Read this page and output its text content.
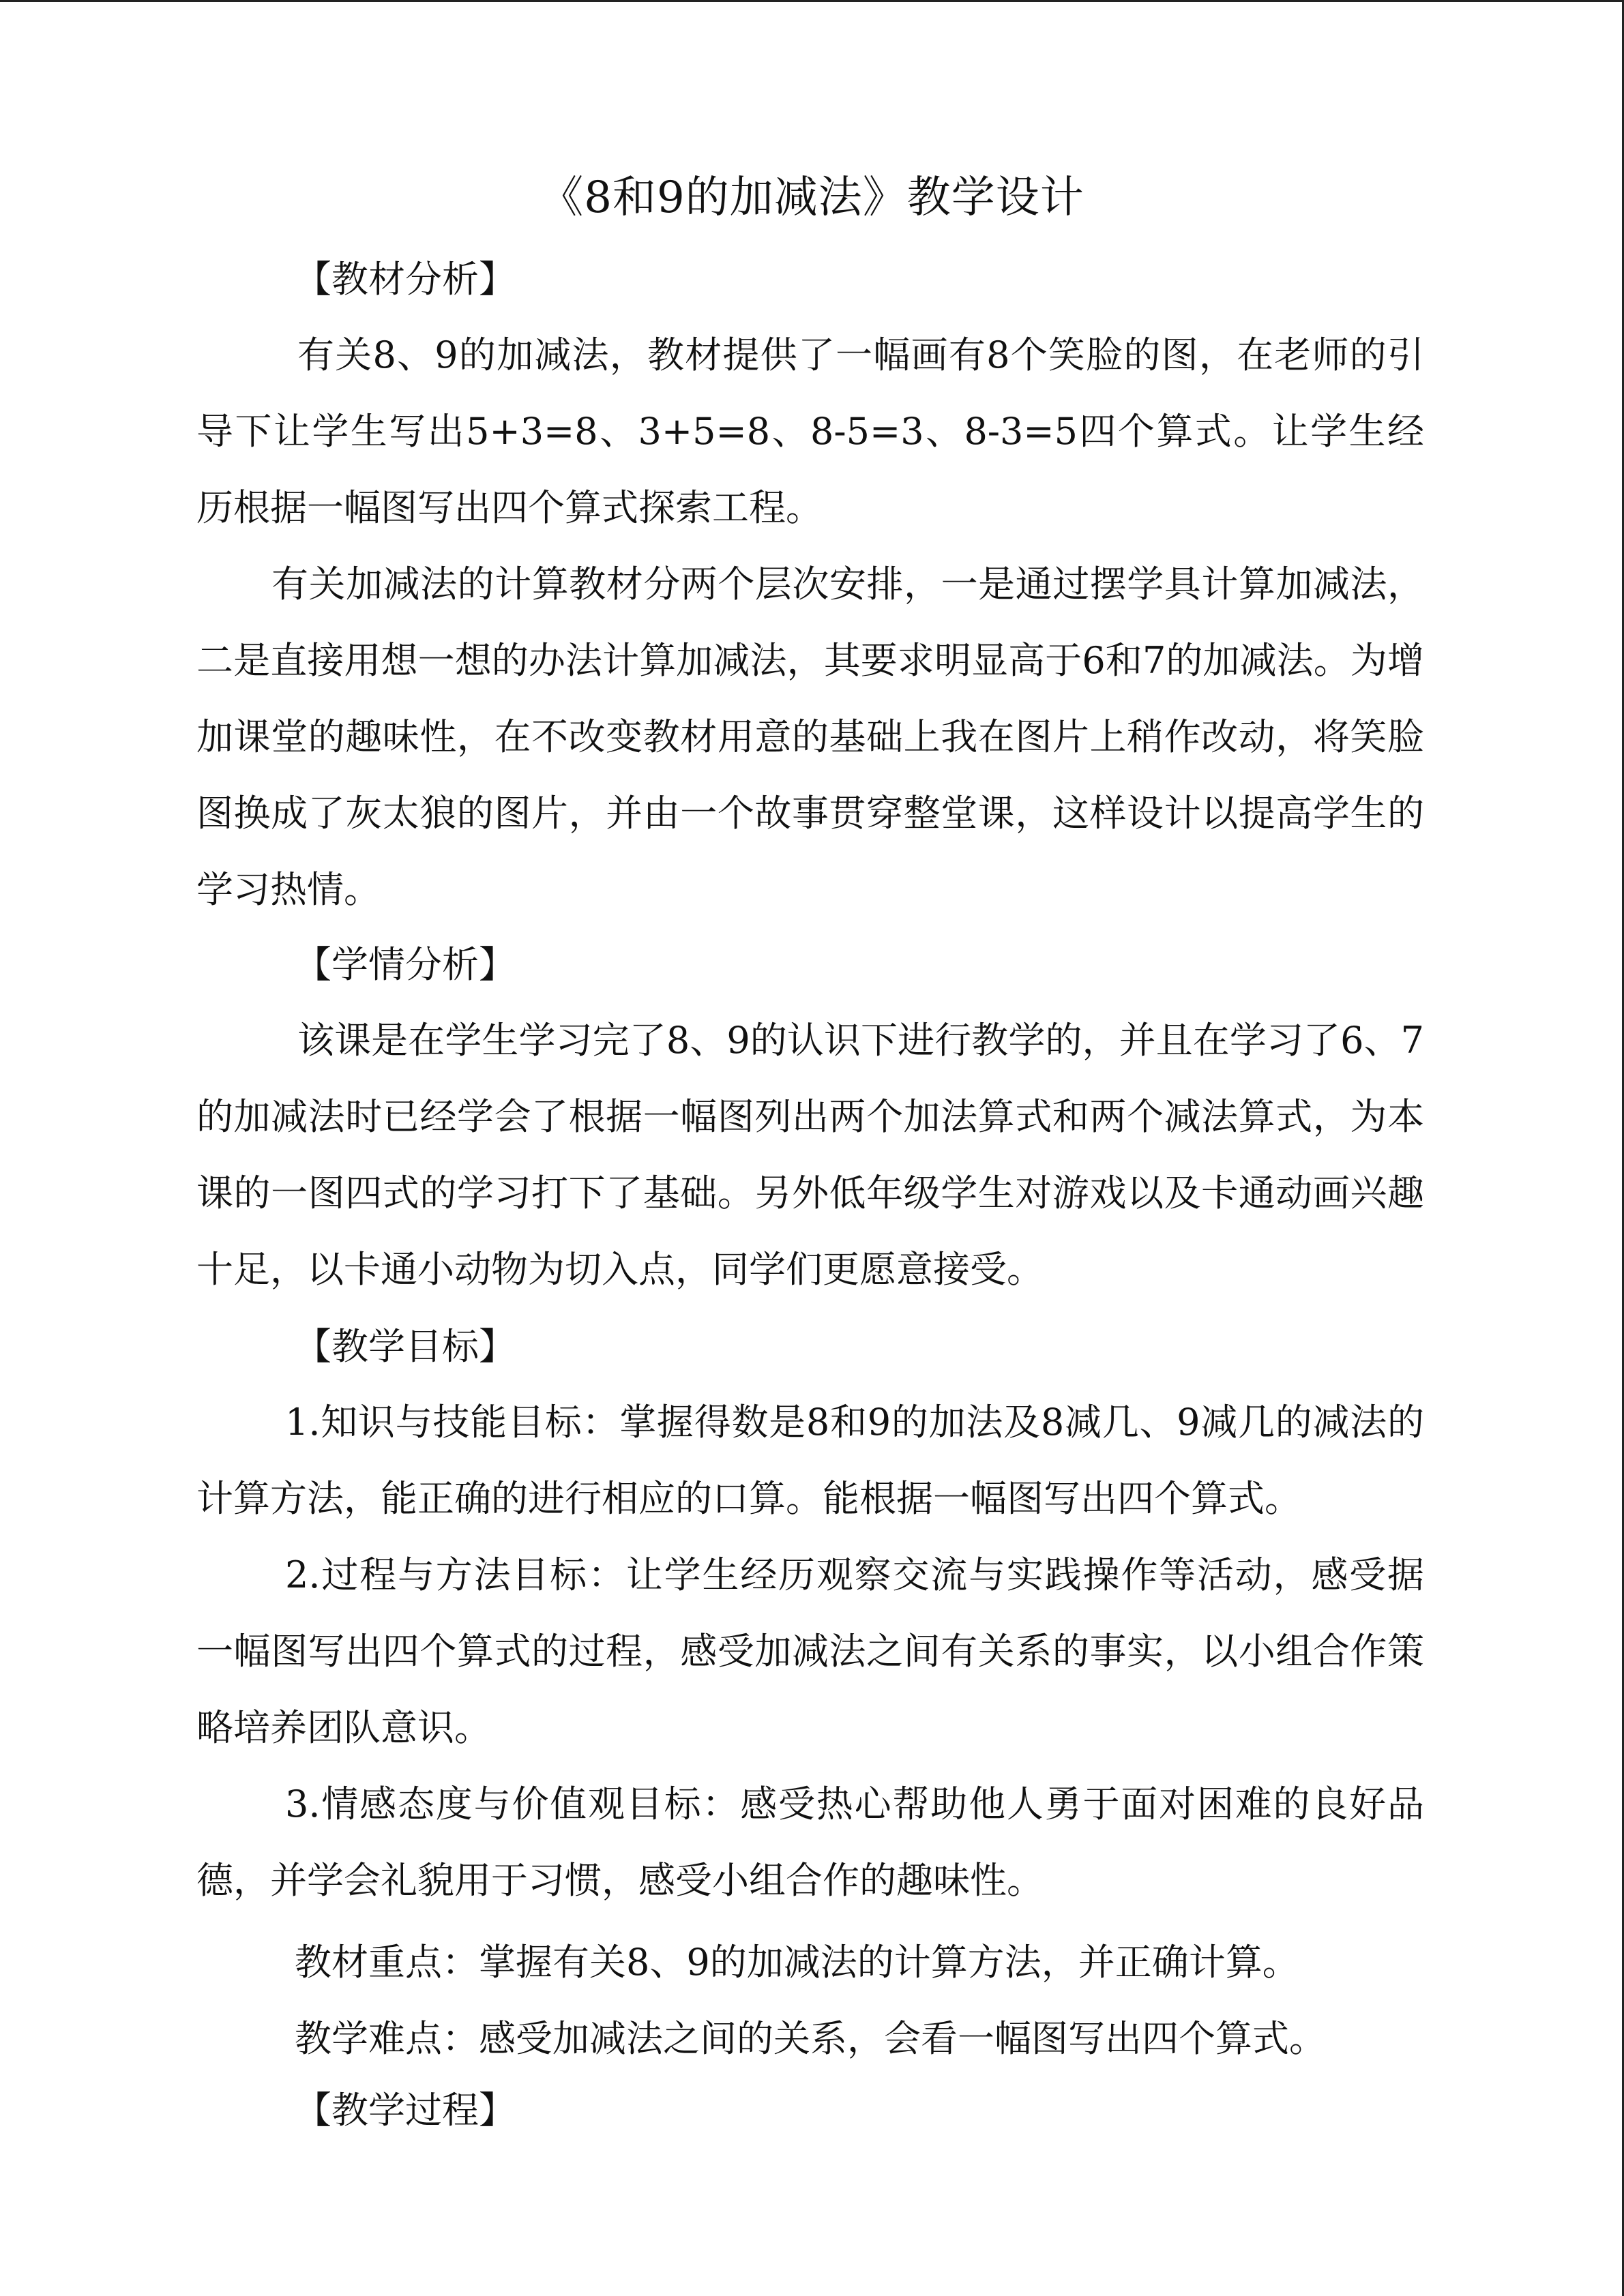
《8和9的加减法》教学设计
【教材分析】
有关8、9的加减法，教材提供了一幅画有8个笑脸的图，在老师的引导下让学生写出5+3=8、3+5=8、8-5=3、8-3=5四个算式。让学生经历根据一幅图写出四个算式探索工程。
有关加减法的计算教材分两个层次安排，一是通过摆学具计算加减法，二是直接用想一想的办法计算加减法，其要求明显高于6和7的加减法。为增加课堂的趣味性，在不改变教材用意的基础上我在图片上稍作改动，将笑脸图换成了灰太狼的图片，并由一个故事贯穿整堂课，这样设计以提高学生的学习热情。
【学情分析】
该课是在学生学习完了8、9的认识下进行教学的，并且在学习了6、7的加减法时已经学会了根据一幅图列出两个加法算式和两个减法算式，为本课的一图四式的学习打下了基础。另外低年级学生对游戏以及卡通动画兴趣十足，以卡通小动物为切入点，同学们更愿意接受。
【教学目标】
1.知识与技能目标：掌握得数是8和9的加法及8减几、9减几的减法的计算方法，能正确的进行相应的口算。能根据一幅图写出四个算式。
2.过程与方法目标：让学生经历观察交流与实践操作等活动，感受据一幅图写出四个算式的过程，感受加减法之间有关系的事实，以小组合作策略培养团队意识。
3.情感态度与价值观目标：感受热心帮助他人勇于面对困难的良好品德，并学会礼貌用于习惯，感受小组合作的趣味性。
教材重点：掌握有关8、9的加减法的计算方法，并正确计算。
教学难点：感受加减法之间的关系，会看一幅图写出四个算式。
【教学过程】
